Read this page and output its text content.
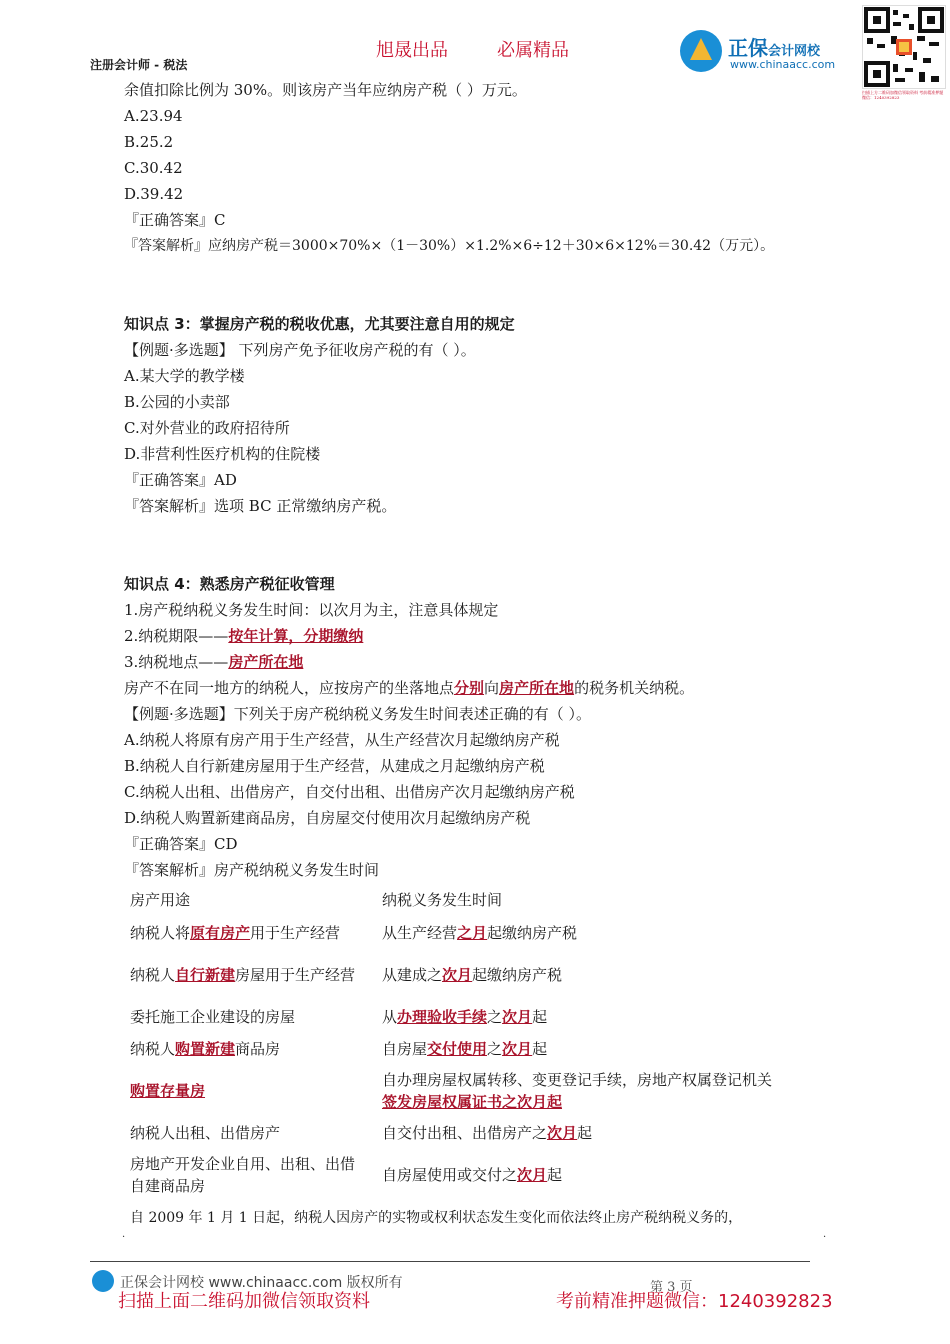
旭晟出品	必属精品
注册会计师 - 税法
正保会计网校
www.chinaacc.com
扫描上方二维码加微信领取资料 考前精准押题微信：1240392823
余值扣除比例为 30%。则该房产当年应纳房产税（ ）万元。
A.23.94
B.25.2
C.30.42
D.39.42
『正确答案』C
『答案解析』应纳房产税＝3000×70%×（1－30%）×1.2%×6÷12＋30×6×12%＝30.42（万元）。
知识点 3：掌握房产税的税收优惠，尤其要注意自用的规定
【例题·多选题】 下列房产免予征收房产税的有（ ）。
A.某大学的教学楼
B.公园的小卖部
C.对外营业的政府招待所
D.非营利性医疗机构的住院楼
『正确答案』AD
『答案解析』选项 BC 正常缴纳房产税。
知识点 4：熟悉房产税征收管理
1.房产税纳税义务发生时间：以次月为主，注意具体规定
2.纳税期限——按年计算，分期缴纳
3.纳税地点——房产所在地
房产不在同一地方的纳税人，应按房产的坐落地点分别向房产所在地的税务机关纳税。
【例题·多选题】下列关于房产税纳税义务发生时间表述正确的有（ ）。
A.纳税人将原有房产用于生产经营，从生产经营次月起缴纳房产税
B.纳税人自行新建房屋用于生产经营，从建成之月起缴纳房产税
C.纳税人出租、出借房产，自交付出租、出借房产次月起缴纳房产税
D.纳税人购置新建商品房，自房屋交付使用次月起缴纳房产税
『正确答案』CD
『答案解析』房产税纳税义务发生时间
房产用途	纳税义务发生时间
纳税人将原有房产用于生产经营	从生产经营之月起缴纳房产税
纳税人自行新建房屋用于生产经营	从建成之次月起缴纳房产税
委托施工企业建设的房屋	从办理验收手续之次月起
纳税人购置新建商品房	自房屋交付使用之次月起
购置存量房	自办理房屋权属转移、变更登记手续，房地产权属登记机关
签发房屋权属证书之次月起
纳税人出租、出借房产	自交付出租、出借房产之次月起
房地产开发企业自用、出租、出借自建商品房	自房屋使用或交付之次月起
自 2009 年 1 月 1 日起，纳税人因房产的实物或权利状态发生变化而依法终止房产税纳税义务的，
·	·
正保会计网校 www.chinaacc.com 版权所有	第 3 页
扫描上面二维码加微信领取资料	考前精准押题微信：1240392823
